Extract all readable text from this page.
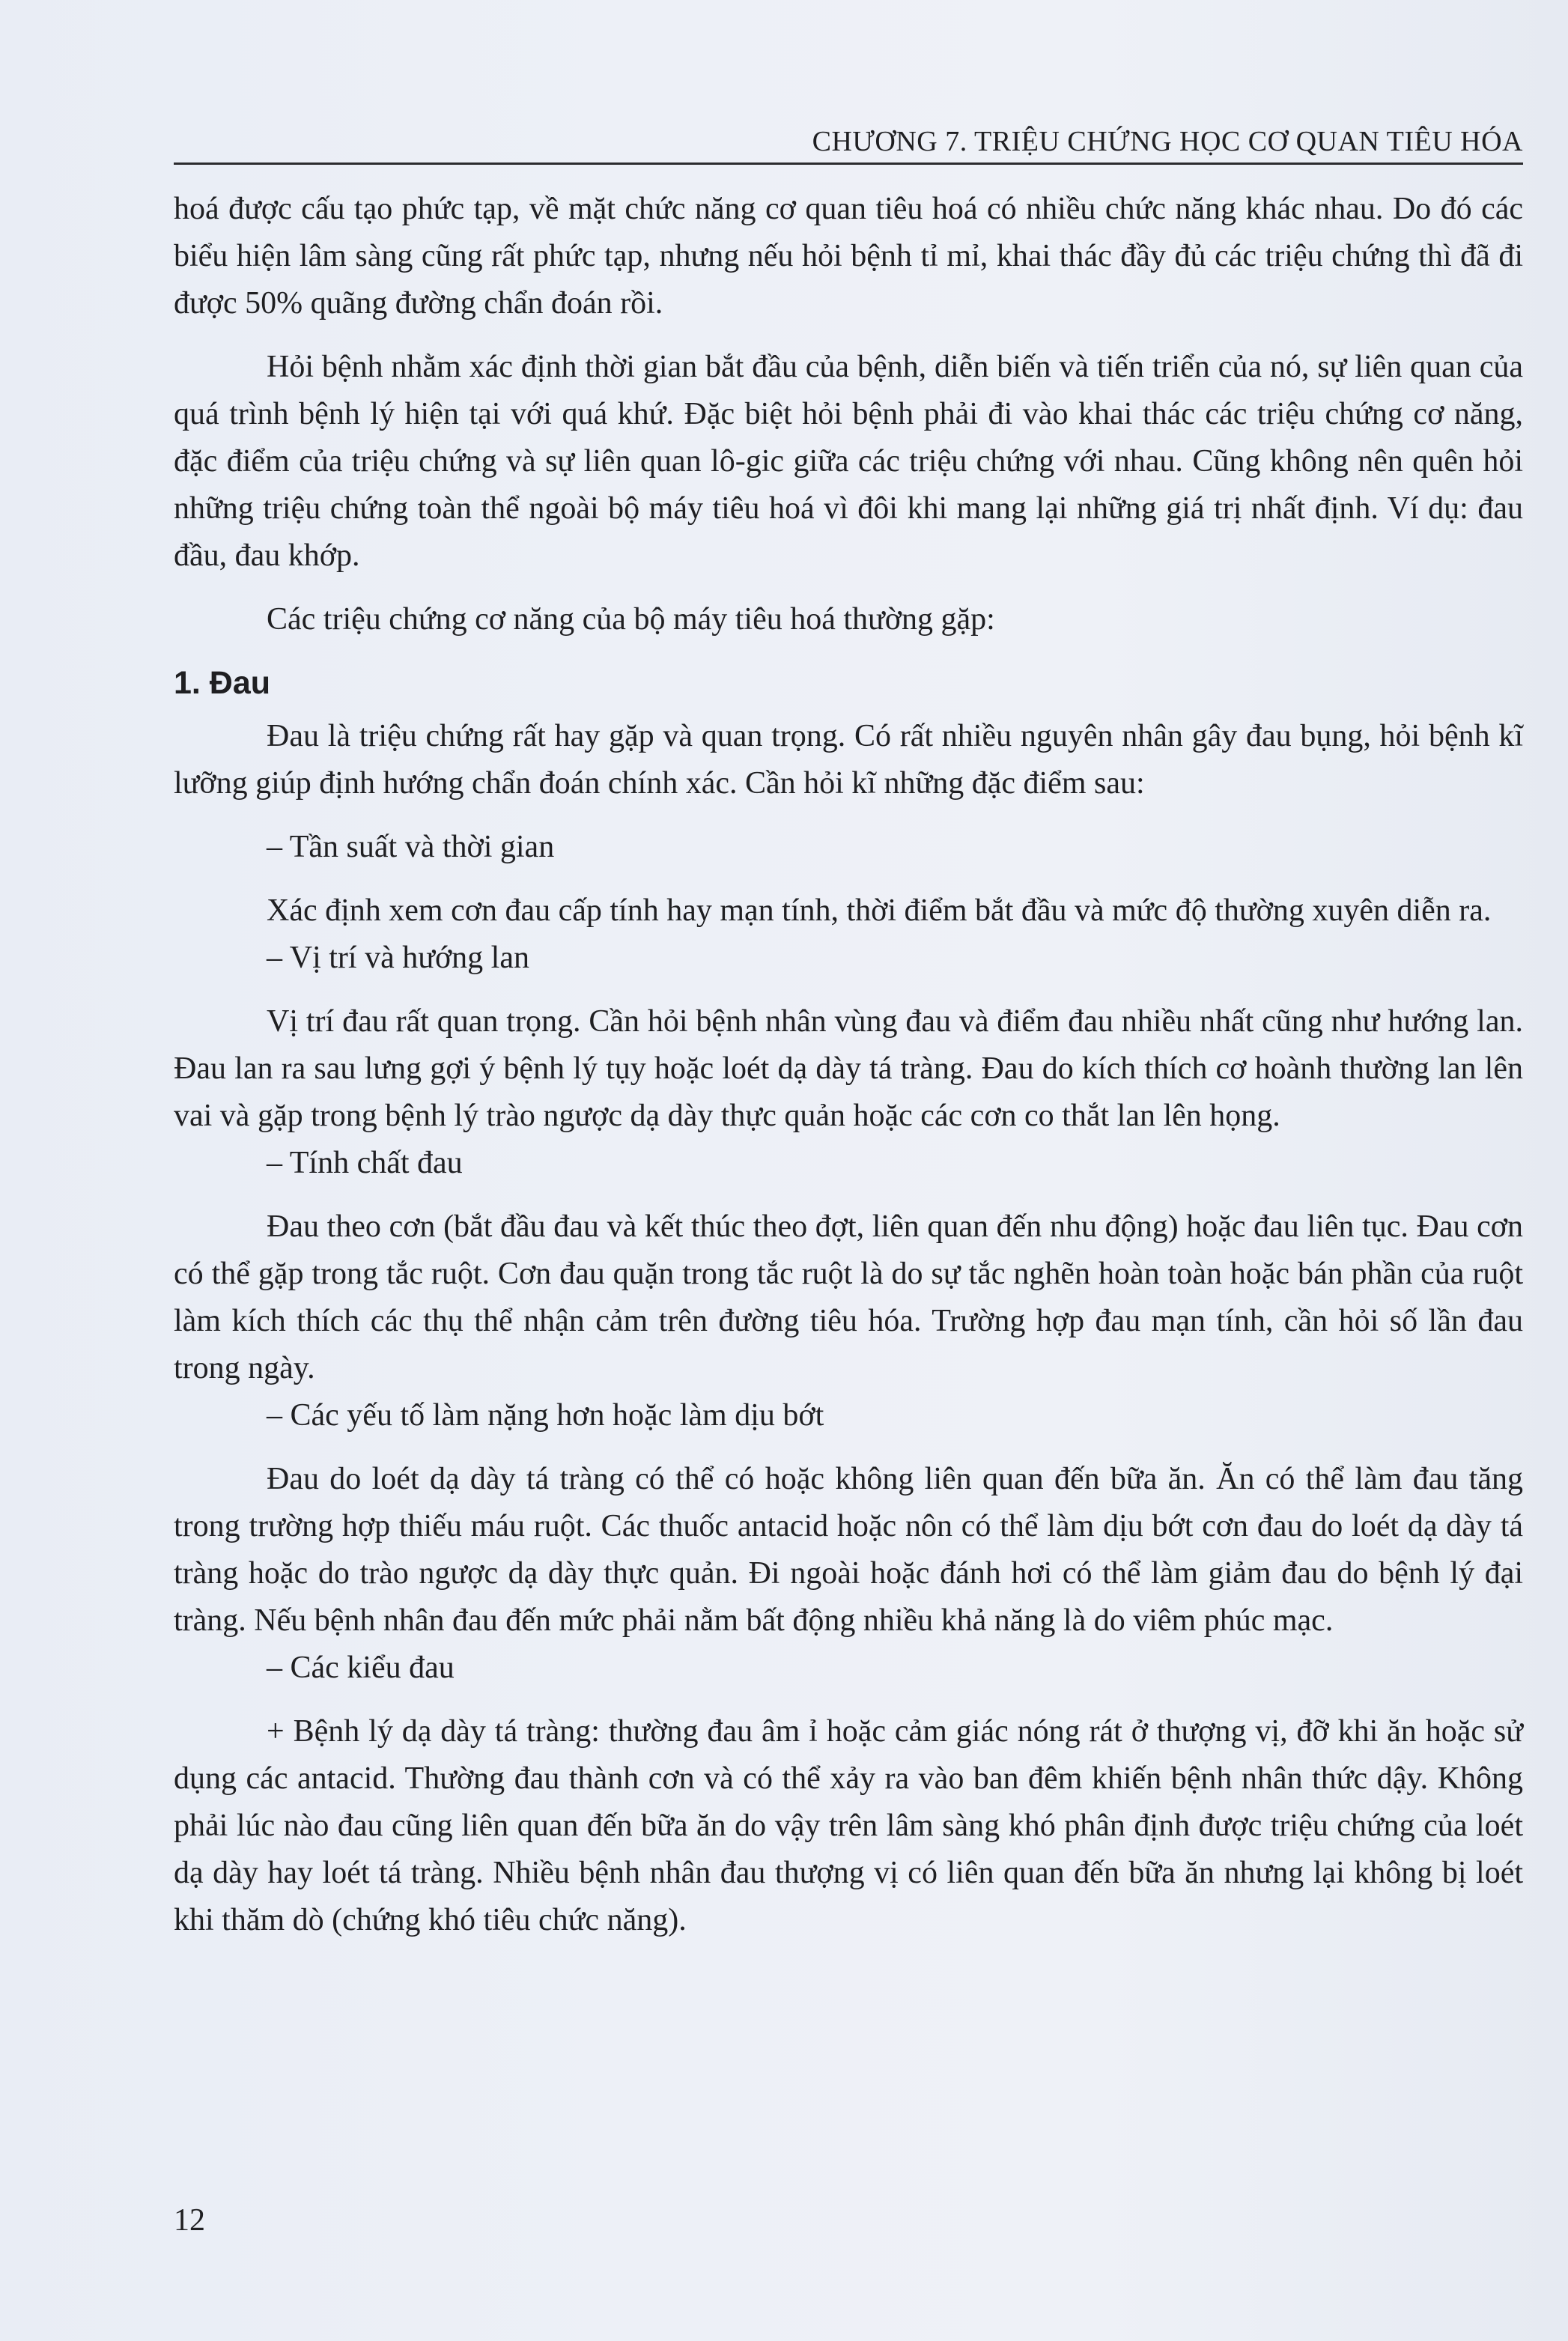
CHƯƠNG 7. TRIỆU CHỨNG HỌC CƠ QUAN TIÊU HÓA

hoá được cấu tạo phức tạp, về mặt chức năng cơ quan tiêu hoá có nhiều chức năng khác nhau. Do đó các biểu hiện lâm sàng cũng rất phức tạp, nhưng nếu hỏi bệnh tỉ mỉ, khai thác đầy đủ các triệu chứng thì đã đi được 50% quãng đường chẩn đoán rồi.

Hỏi bệnh nhằm xác định thời gian bắt đầu của bệnh, diễn biến và tiến triển của nó, sự liên quan của quá trình bệnh lý hiện tại với quá khứ. Đặc biệt hỏi bệnh phải đi vào khai thác các triệu chứng cơ năng, đặc điểm của triệu chứng và sự liên quan lô-gic giữa các triệu chứng với nhau. Cũng không nên quên hỏi những triệu chứng toàn thể ngoài bộ máy tiêu hoá vì đôi khi mang lại những giá trị nhất định. Ví dụ: đau đầu, đau khớp.

Các triệu chứng cơ năng của bộ máy tiêu hoá thường gặp:

1. Đau

Đau là triệu chứng rất hay gặp và quan trọng. Có rất nhiều nguyên nhân gây đau bụng, hỏi bệnh kĩ lưỡng giúp định hướng chẩn đoán chính xác. Cần hỏi kĩ những đặc điểm sau:

– Tần suất và thời gian

Xác định xem cơn đau cấp tính hay mạn tính, thời điểm bắt đầu và mức độ thường xuyên diễn ra.

– Vị trí và hướng lan

Vị trí đau rất quan trọng. Cần hỏi bệnh nhân vùng đau và điểm đau nhiều nhất cũng như hướng lan. Đau lan ra sau lưng gợi ý bệnh lý tụy hoặc loét dạ dày tá tràng. Đau do kích thích cơ hoành thường lan lên vai và gặp trong bệnh lý trào ngược dạ dày thực quản hoặc các cơn co thắt lan lên họng.

– Tính chất đau

Đau theo cơn (bắt đầu đau và kết thúc theo đợt, liên quan đến nhu động) hoặc đau liên tục. Đau cơn có thể gặp trong tắc ruột. Cơn đau quặn trong tắc ruột là do sự tắc nghẽn hoàn toàn hoặc bán phần của ruột làm kích thích các thụ thể nhận cảm trên đường tiêu hóa. Trường hợp đau mạn tính, cần hỏi số lần đau trong ngày.

– Các yếu tố làm nặng hơn hoặc làm dịu bớt

Đau do loét dạ dày tá tràng có thể có hoặc không liên quan đến bữa ăn. Ăn có thể làm đau tăng trong trường hợp thiếu máu ruột. Các thuốc antacid hoặc nôn có thể làm dịu bớt cơn đau do loét dạ dày tá tràng hoặc do trào ngược dạ dày thực quản. Đi ngoài hoặc đánh hơi có thể làm giảm đau do bệnh lý đại tràng. Nếu bệnh nhân đau đến mức phải nằm bất động nhiều khả năng là do viêm phúc mạc.

– Các kiểu đau

+ Bệnh lý dạ dày tá tràng: thường đau âm ỉ hoặc cảm giác nóng rát ở thượng vị, đỡ khi ăn hoặc sử dụng các antacid. Thường đau thành cơn và có thể xảy ra vào ban đêm khiến bệnh nhân thức dậy. Không phải lúc nào đau cũng liên quan đến bữa ăn do vậy trên lâm sàng khó phân định được triệu chứng của loét dạ dày hay loét tá tràng. Nhiều bệnh nhân đau thượng vị có liên quan đến bữa ăn nhưng lại không bị loét khi thăm dò (chứng khó tiêu chức năng).

12
